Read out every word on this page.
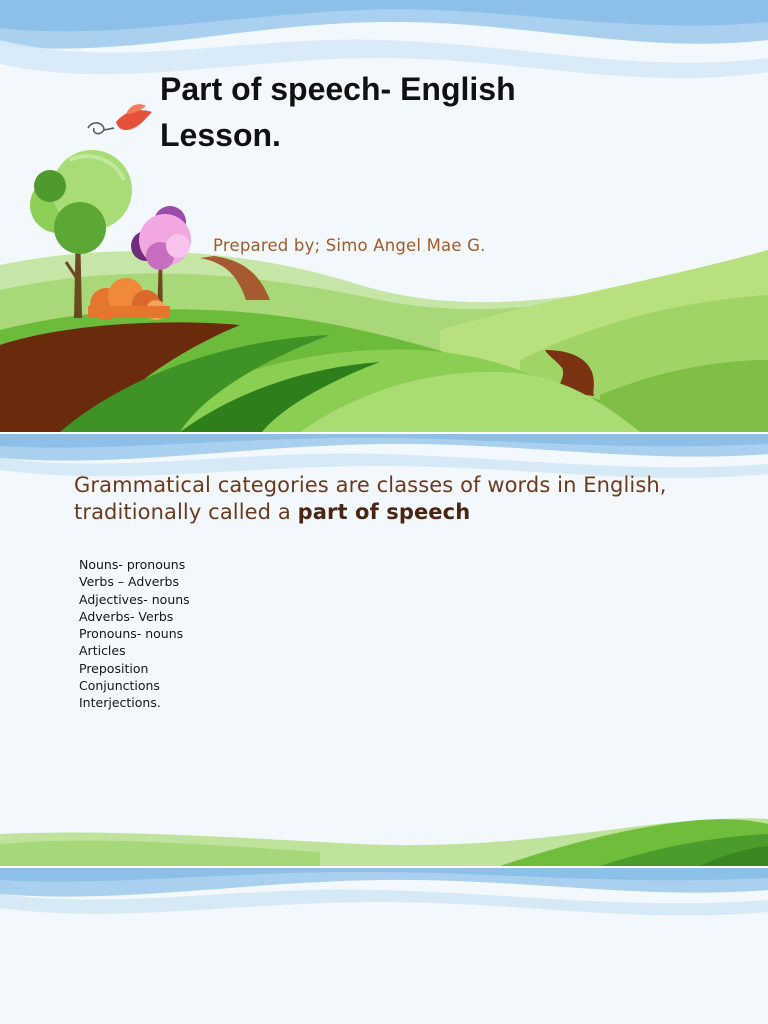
Part of speech- English
Lesson.
Prepared by; Simo Angel Mae G.
Grammatical categories are classes of words in English, traditionally called a part of speech
Nouns- pronouns
Verbs – Adverbs
Adjectives- nouns
Adverbs- Verbs
Pronouns- nouns
Articles
Preposition
Conjunctions
Interjections.
